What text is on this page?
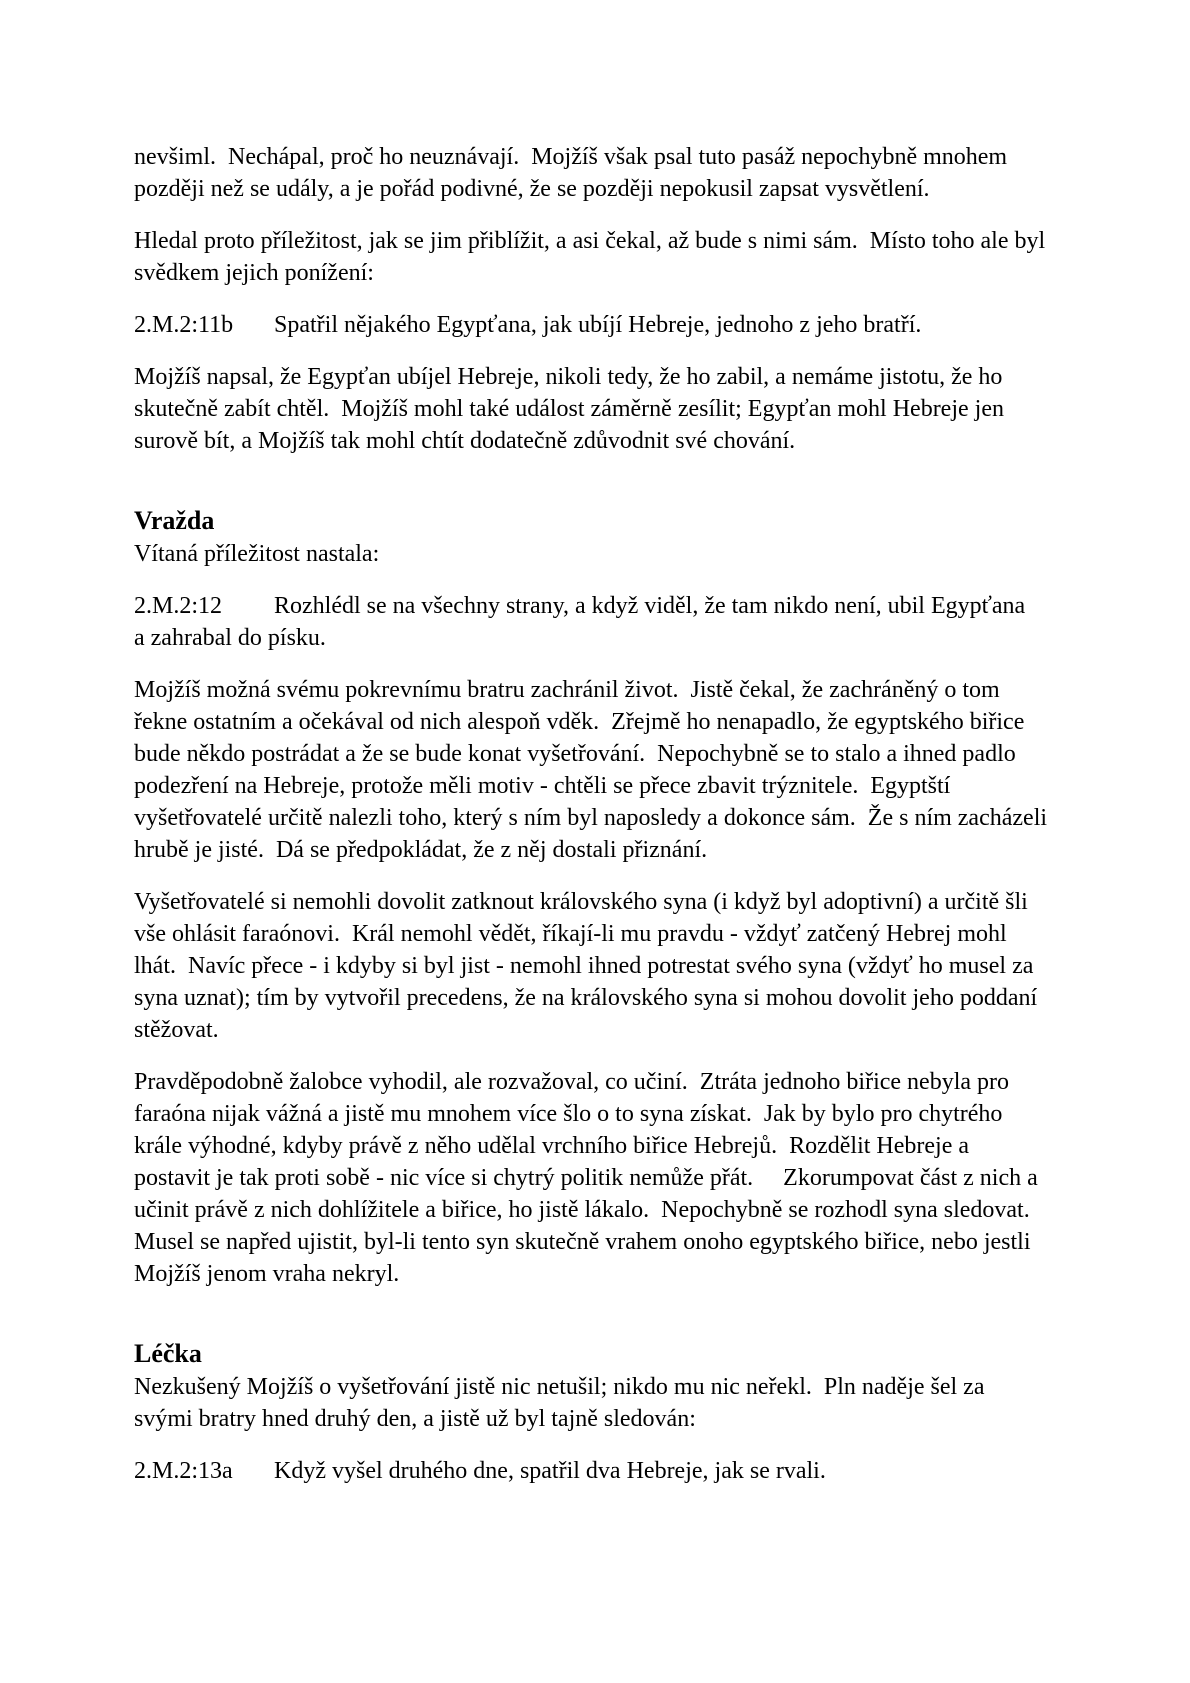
nevšiml.  Nechápal, proč ho neuznávají.  Mojžíš však psal tuto pasáž nepochybně mnohem
později než se udály, a je pořád podivné, že se později nepokusil zapsat vysvětlení.

Hledal proto příležitost, jak se jim přiblížit, a asi čekal, až bude s nimi sám.  Místo toho ale byl
svědkem jejich ponížení:

2.M.2:11b Spatřil nějakého Egypťana, jak ubíjí Hebreje, jednoho z jeho bratří.

Mojžíš napsal, že Egypťan ubíjel Hebreje, nikoli tedy, že ho zabil, a nemáme jistotu, že ho
skutečně zabít chtěl.  Mojžíš mohl také událost záměrně zesílit; Egypťan mohl Hebreje jen
surově bít, a Mojžíš tak mohl chtít dodatečně zdůvodnit své chování.

Vražda

Vítaná příležitost nastala:

2.M.2:12 Rozhlédl se na všechny strany, a když viděl, že tam nikdo není, ubil Egypťana
a zahrabal do písku.

Mojžíš možná svému pokrevnímu bratru zachránil život.  Jistě čekal, že zachráněný o tom
řekne ostatním a očekával od nich alespoň vděk.  Zřejmě ho nenapadlo, že egyptského biřice
bude někdo postrádat a že se bude konat vyšetřování.  Nepochybně se to stalo a ihned padlo
podezření na Hebreje, protože měli motiv - chtěli se přece zbavit trýznitele.  Egyptští
vyšetřovatelé určitě nalezli toho, který s ním byl naposledy a dokonce sám.  Že s ním zacházeli
hrubě je jisté.  Dá se předpokládat, že z něj dostali přiznání.

Vyšetřovatelé si nemohli dovolit zatknout královského syna (i když byl adoptivní) a určitě šli
vše ohlásit faraónovi.  Král nemohl vědět, říkají-li mu pravdu - vždyť zatčený Hebrej mohl
lhát.  Navíc přece - i kdyby si byl jist - nemohl ihned potrestat svého syna (vždyť ho musel za
syna uznat); tím by vytvořil precedens, že na královského syna si mohou dovolit jeho poddaní
stěžovat.

Pravděpodobně žalobce vyhodil, ale rozvažoval, co učiní.  Ztráta jednoho biřice nebyla pro
faraóna nijak vážná a jistě mu mnohem více šlo o to syna získat.  Jak by bylo pro chytrého
krále výhodné, kdyby právě z něho udělal vrchního biřice Hebrejů.  Rozdělit Hebreje a
postavit je tak proti sobě - nic více si chytrý politik nemůže přát.     Zkorumpovat část z nich a
učinit právě z nich dohlížitele a biřice, ho jistě lákalo.  Nepochybně se rozhodl syna sledovat.
Musel se napřed ujistit, byl-li tento syn skutečně vrahem onoho egyptského biřice, nebo jestli
Mojžíš jenom vraha nekryl.

Léčka

Nezkušený Mojžíš o vyšetřování jistě nic netušil; nikdo mu nic neřekl.  Pln naděje šel za
svými bratry hned druhý den, a jistě už byl tajně sledován:

2.M.2:13a Když vyšel druhého dne, spatřil dva Hebreje, jak se rvali.
